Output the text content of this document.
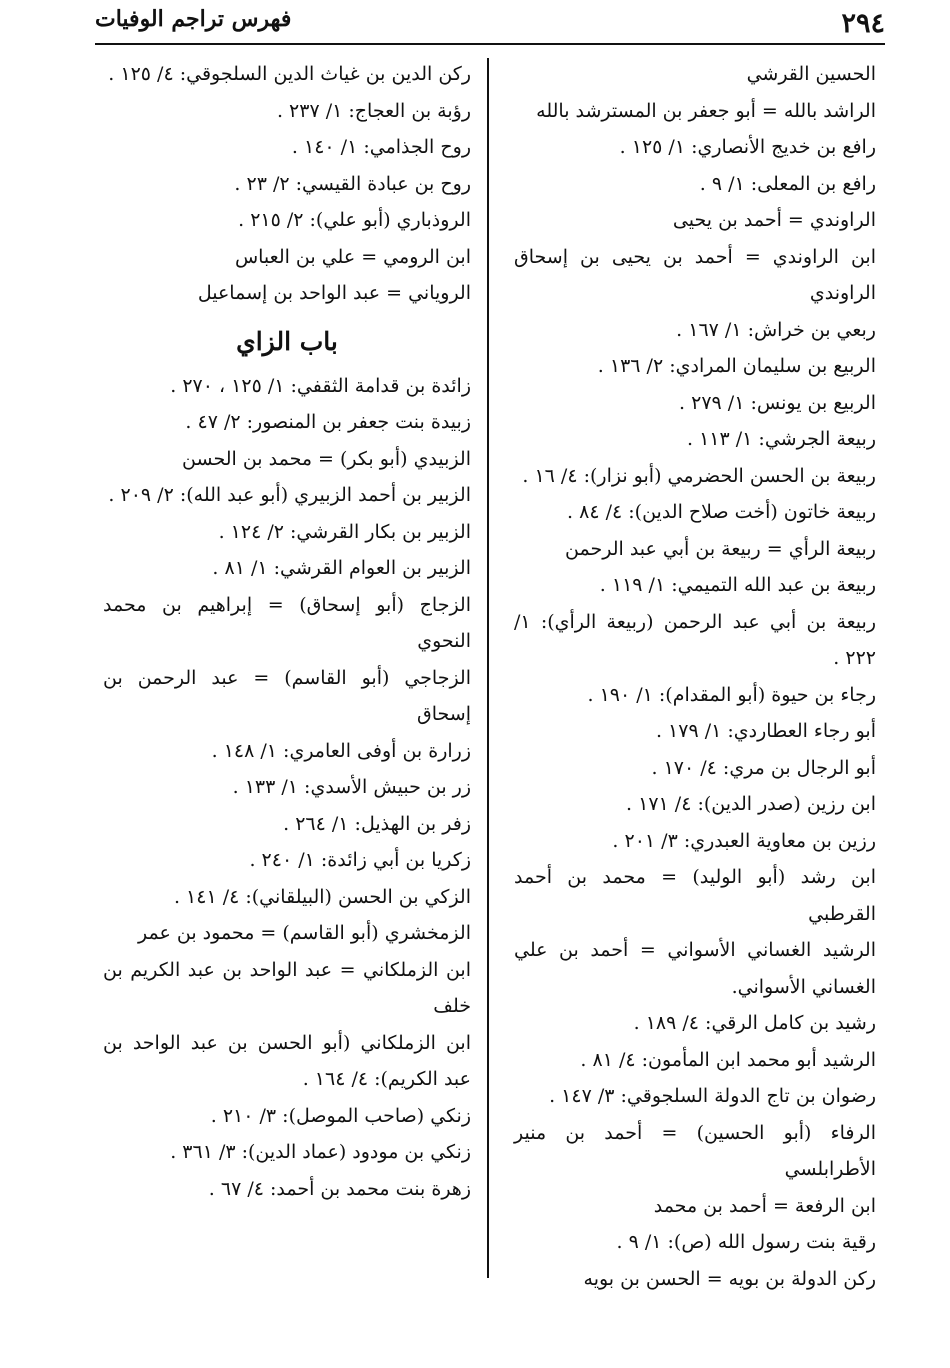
٢٩٤
فهرس تراجم الوفيات

الحسين القرشي

الراشد بالله = أبو جعفر بن المسترشد بالله

رافع بن خديج الأنصاري: ١/ ١٢٥ .

رافع بن المعلى: ١/ ٩ .

الراوندي = أحمد بن يحيى

ابن الراوندي = أحمد بن يحيى بن إسحاق الراوندي

ربعي بن خراش: ١/ ١٦٧ .

الربيع بن سليمان المرادي: ٢/ ١٣٦ .

الربيع بن يونس: ١/ ٢٧٩ .

ربيعة الجرشي: ١/ ١١٣ .

ربيعة بن الحسن الحضرمي (أبو نزار): ٤/ ١٦ .

ربيعة خاتون (أخت صلاح الدين): ٤/ ٨٤ .

ربيعة الرأي = ربيعة بن أبي عبد الرحمن

ربيعة بن عبد الله التميمي: ١/ ١١٩ .

ربيعة بن أبي عبد الرحمن (ربيعة الرأي): ١/ ٢٢٢ .

رجاء بن حيوة (أبو المقدام): ١/ ١٩٠ .

أبو رجاء العطاردي: ١/ ١٧٩ .

أبو الرجال بن مري: ٤/ ١٧٠ .

ابن رزين (صدر الدين): ٤/ ١٧١ .

رزين بن معاوية العبدري: ٣/ ٢٠١ .

ابن رشد (أبو الوليد) = محمد بن أحمد القرطبي

الرشيد الغساني الأسواني = أحمد بن علي الغساني الأسواني.

رشيد بن كامل الرقي: ٤/ ١٨٩ .

الرشيد أبو محمد ابن المأمون: ٤/ ٨١ .

رضوان بن تاج الدولة السلجوقي: ٣/ ١٤٧ .

الرفاء (أبو الحسين) = أحمد بن منير الأطرابلسي

ابن الرفعة = أحمد بن محمد

رقية بنت رسول الله (ص): ١/ ٩ .

ركن الدولة بن بويه = الحسن بن بويه

ركن الدين بن غياث الدين السلجوقي: ٤/ ١٢٥ .

رؤبة بن العجاج: ١/ ٢٣٧ .

روح الجذامي: ١/ ١٤٠ .

روح بن عبادة القيسي: ٢/ ٢٣ .

الروذباري (أبو علي): ٢/ ٢١٥ .

ابن الرومي = علي بن العباس

الروياني = عبد الواحد بن إسماعيل

باب الزاي

زائدة بن قدامة الثقفي: ١/ ١٢٥ ، ٢٧٠ .

زبيدة بنت جعفر بن المنصور: ٢/ ٤٧ .

الزبيدي (أبو بكر) = محمد بن الحسن

الزبير بن أحمد الزبيري (أبو عبد الله): ٢/ ٢٠٩ .

الزبير بن بكار القرشي: ٢/ ١٢٤ .

الزبير بن العوام القرشي: ١/ ٨١ .

الزجاج (أبو إسحاق) = إبراهيم بن محمد النحوي

الزجاجي (أبو القاسم) = عبد الرحمن بن إسحاق

زرارة بن أوفى العامري: ١/ ١٤٨ .

زر بن حبيش الأسدي: ١/ ١٣٣ .

زفر بن الهذيل: ١/ ٢٦٤ .

زكريا بن أبي زائدة: ١/ ٢٤٠ .

الزكي بن الحسن (البيلقاني): ٤/ ١٤١ .

الزمخشري (أبو القاسم) = محمود بن عمر

ابن الزملكاني = عبد الواحد بن عبد الكريم بن خلف

ابن الزملكاني (أبو الحسن بن عبد الواحد بن عبد الكريم): ٤/ ١٦٤ .

زنكي (صاحب الموصل): ٣/ ٢١٠ .

زنكي بن مودود (عماد الدين): ٣/ ٣٦١ .

زهرة بنت محمد بن أحمد: ٤/ ٦٧ .
